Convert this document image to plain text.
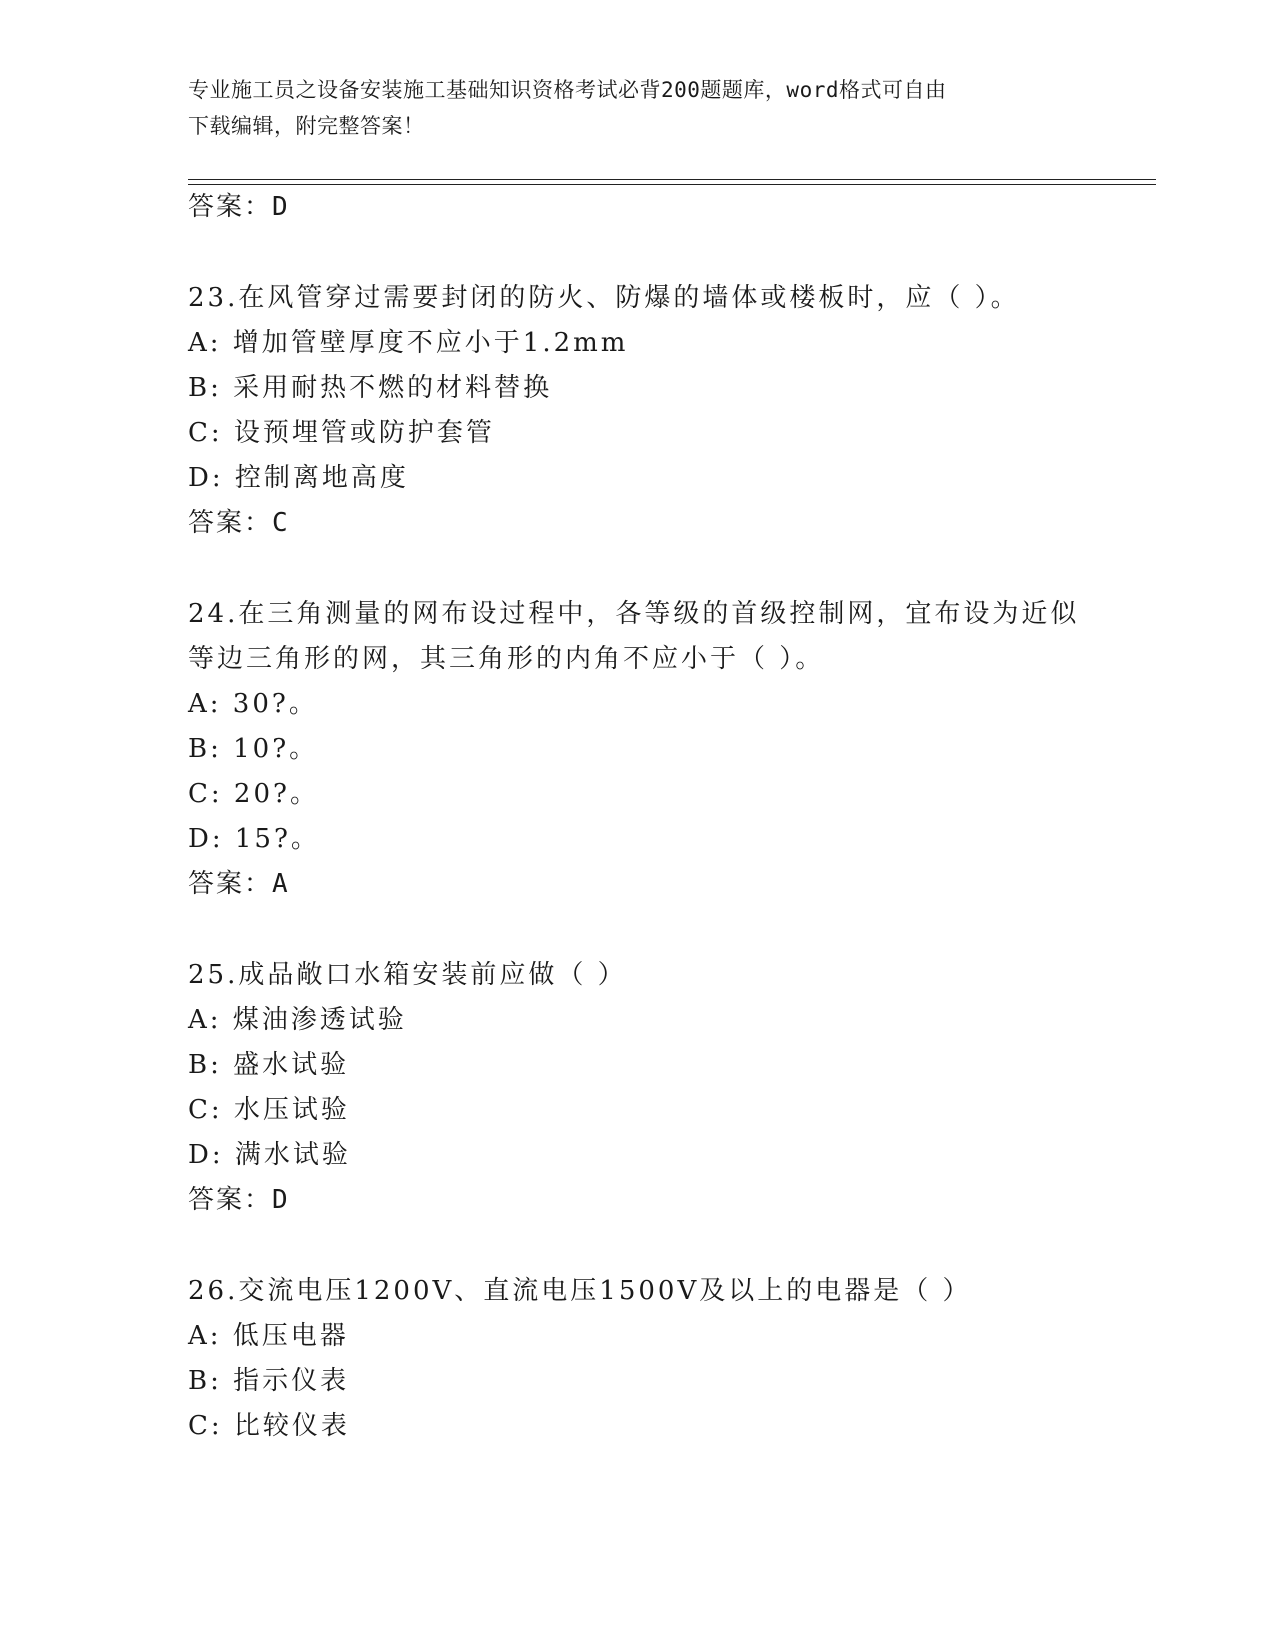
专业施工员之设备安装施工基础知识资格考试必背200题题库，word格式可自由
下载编辑，附完整答案！
答案：D
23.在风管穿过需要封闭的防火、防爆的墙体或楼板时，应（ ）。
A: 增加管壁厚度不应小于1.2mm
B: 采用耐热不燃的材料替换
C: 设预埋管或防护套管
D: 控制离地高度
答案：C
24.在三角测量的网布设过程中，各等级的首级控制网，宜布设为近似
等边三角形的网，其三角形的内角不应小于（ ）。
A: 30?。
B: 10?。
C: 20?。
D: 15?。
答案：A
25.成品敞口水箱安装前应做（ ）
A: 煤油渗透试验
B: 盛水试验
C: 水压试验
D: 满水试验
答案：D
26.交流电压1200V、直流电压1500V及以上的电器是（ ）
A: 低压电器
B: 指示仪表
C: 比较仪表
